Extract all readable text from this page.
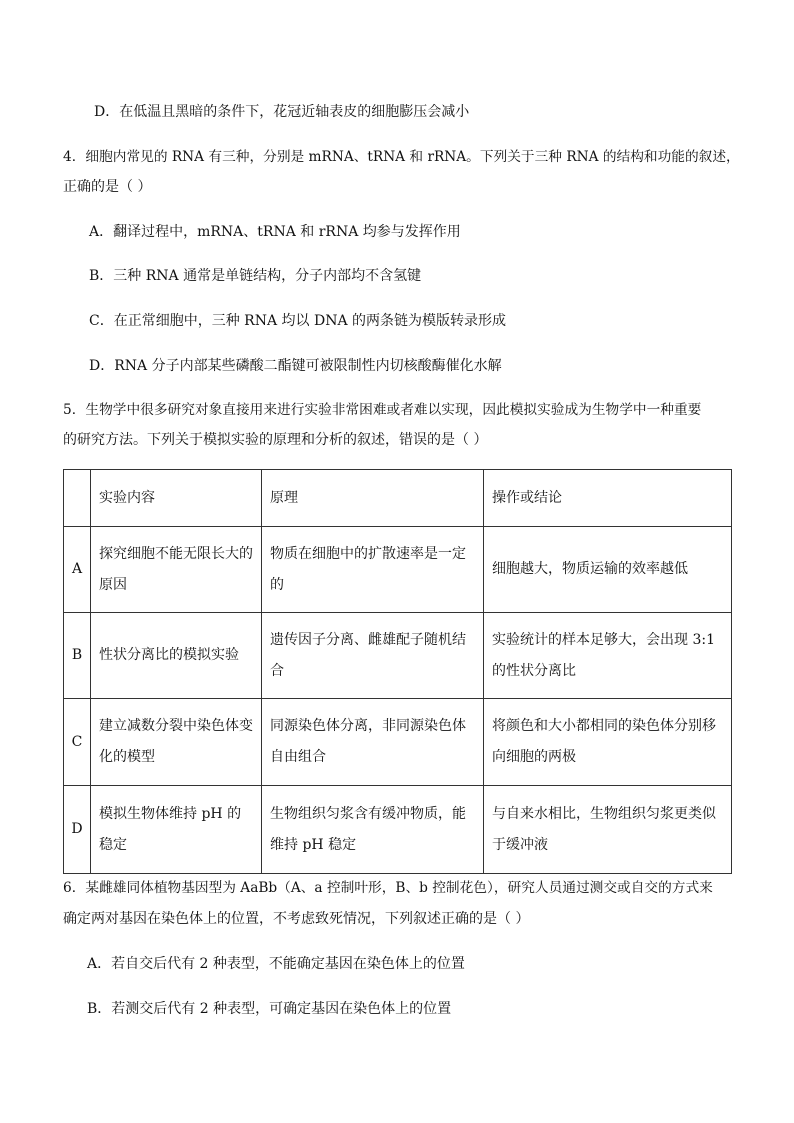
D．在低温且黑暗的条件下，花冠近轴表皮的细胞膨压会减小
4．细胞内常见的 RNA 有三种，分别是 mRNA、tRNA 和 rRNA。下列关于三种 RNA 的结构和功能的叙述，
正确的是（ ）
A．翻译过程中，mRNA、tRNA 和 rRNA 均参与发挥作用
B．三种 RNA 通常是单链结构，分子内部均不含氢键
C．在正常细胞中，三种 RNA 均以 DNA 的两条链为模版转录形成
D．RNA 分子内部某些磷酸二酯键可被限制性内切核酸酶催化水解
5．生物学中很多研究对象直接用来进行实验非常困难或者难以实现，因此模拟实验成为生物学中一种重要
的研究方法。下列关于模拟实验的原理和分析的叙述，错误的是（ ）
	实验内容	原理	操作或结论
A	探究细胞不能无限长大的原因	物质在细胞中的扩散速率是一定的	细胞越大，物质运输的效率越低
B	性状分离比的模拟实验	遗传因子分离、雌雄配子随机结合	实验统计的样本足够大，会出现 3:1 的性状分离比
C	建立减数分裂中染色体变化的模型	同源染色体分离，非同源染色体自由组合	将颜色和大小都相同的染色体分别移向细胞的两极
D	模拟生物体维持 pH 的稳定	生物组织匀浆含有缓冲物质，能维持 pH 稳定	与自来水相比，生物组织匀浆更类似于缓冲液
6．某雌雄同体植物基因型为 AaBb（A、a 控制叶形，B、b 控制花色），研究人员通过测交或自交的方式来
确定两对基因在染色体上的位置，不考虑致死情况，下列叙述正确的是（ ）
A．若自交后代有 2 种表型，不能确定基因在染色体上的位置
B．若测交后代有 2 种表型，可确定基因在染色体上的位置
